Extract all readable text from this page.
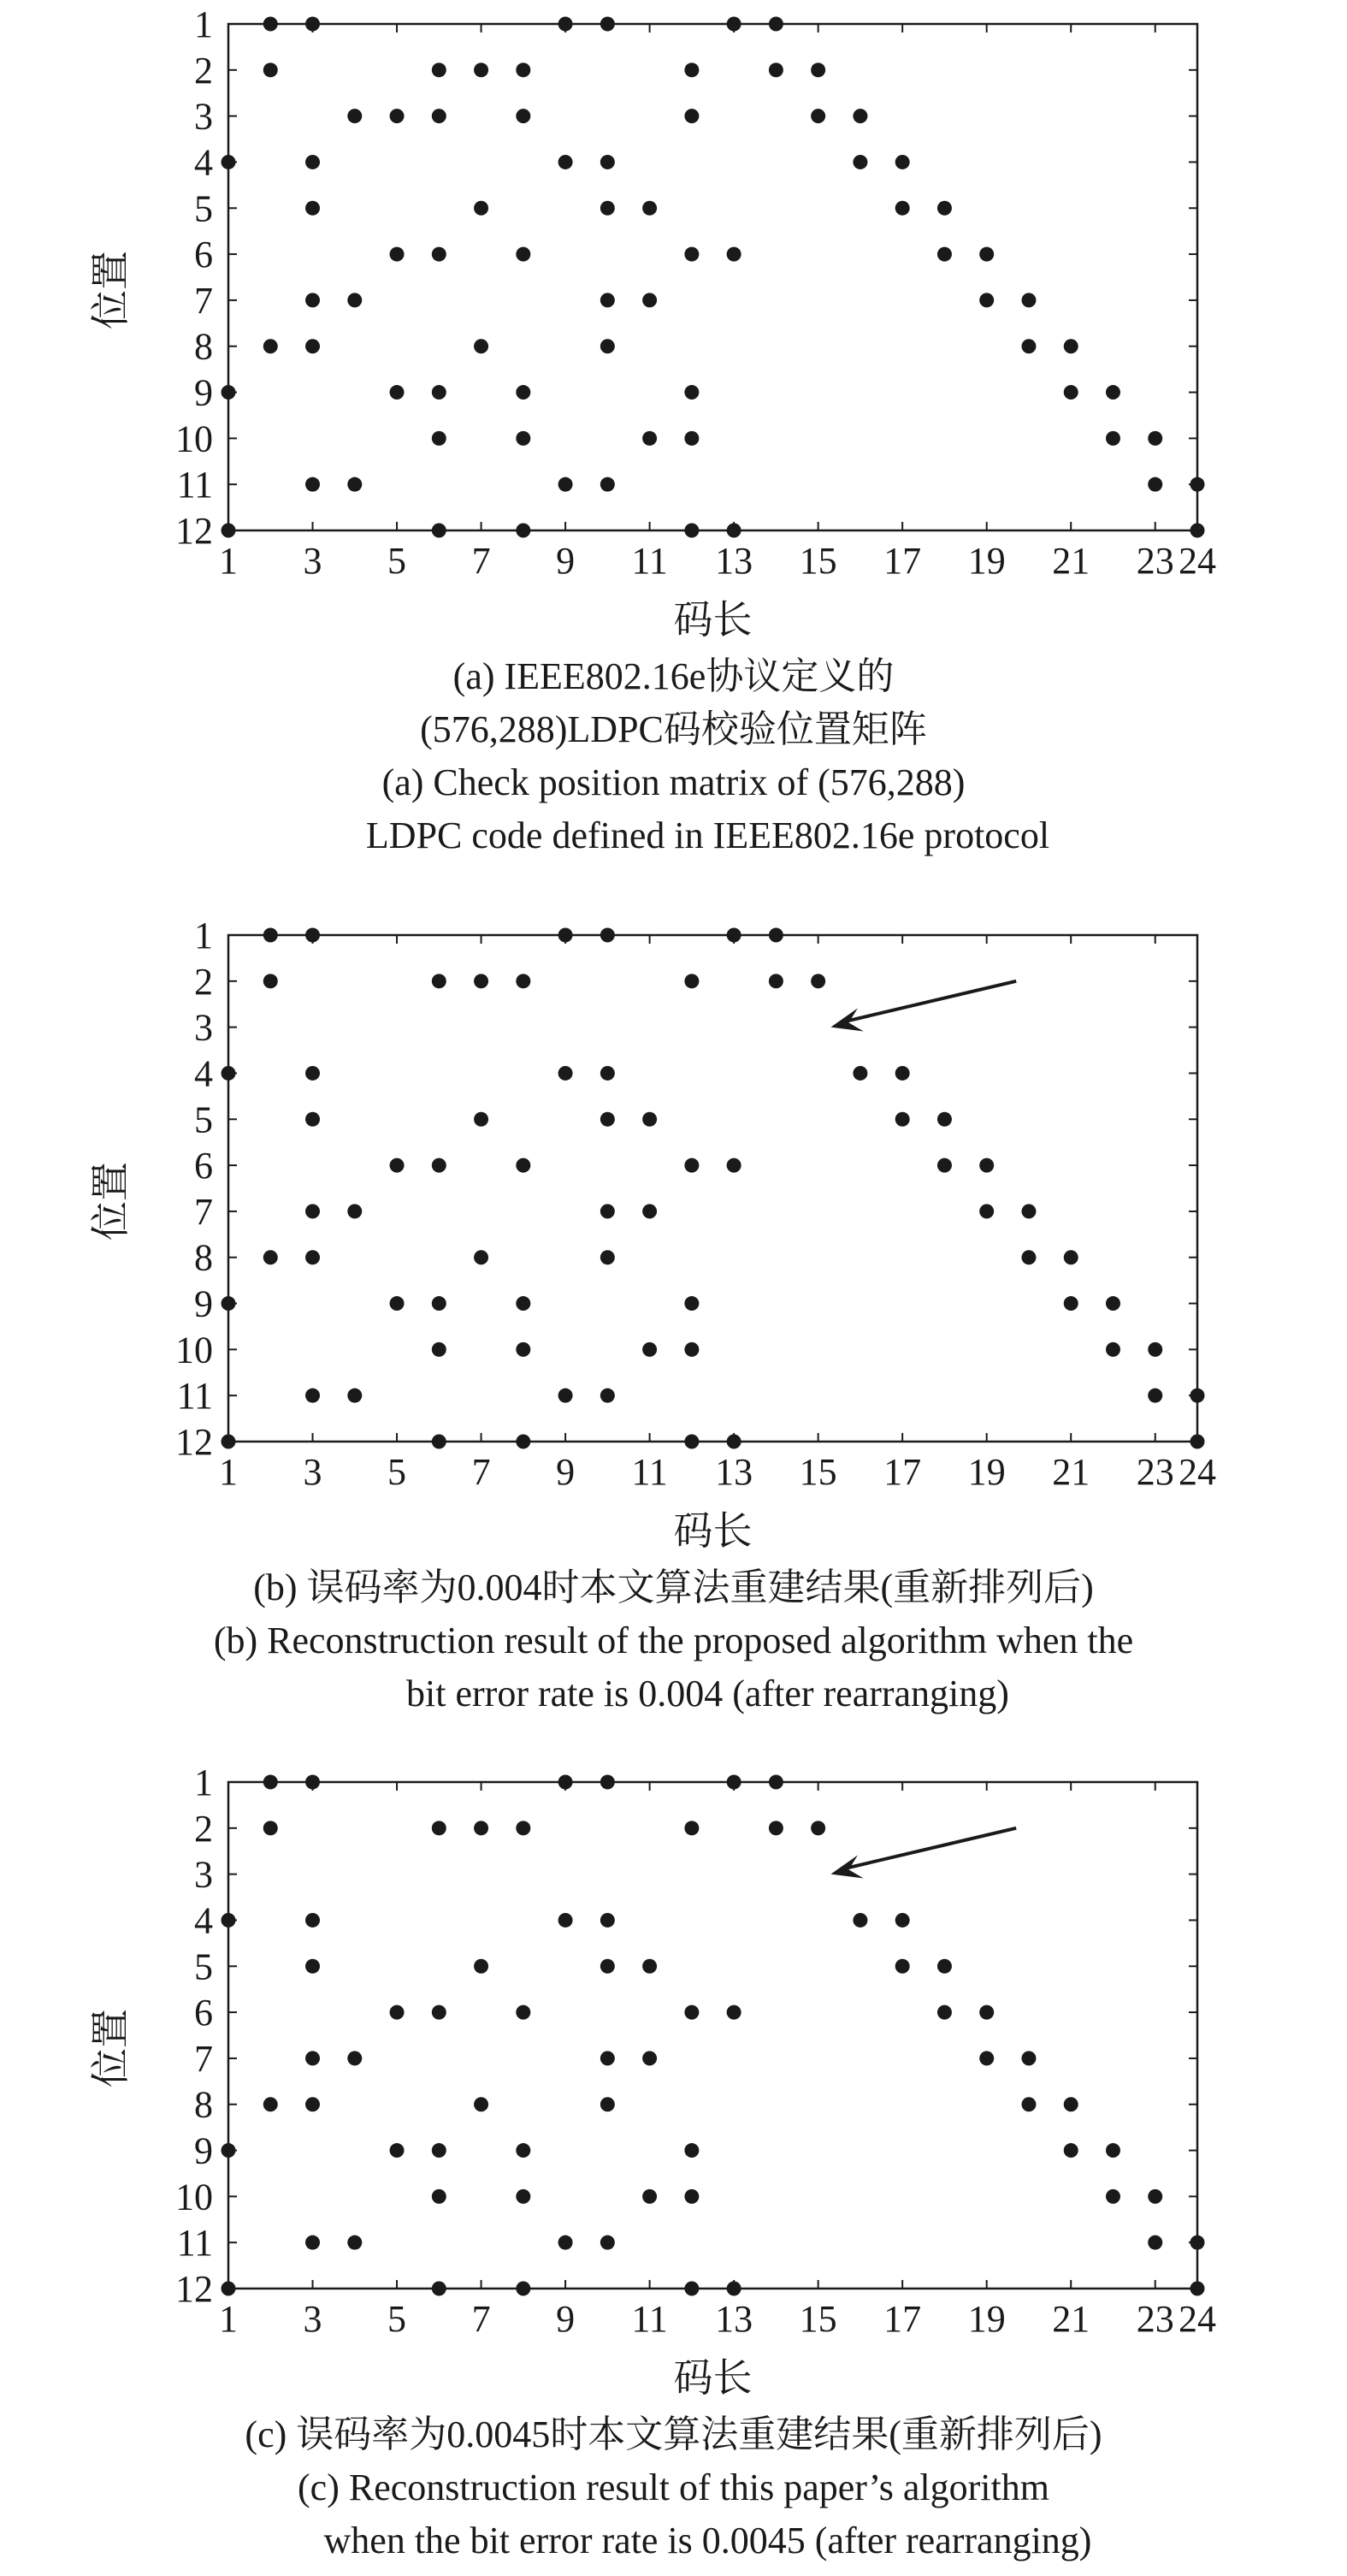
1 3 5 7 9 11 13 15 17 19 21 23 24
1
2
3
4
5
6
7
8
9
10
11
12
码长
位置
(a) IEEE802.16e协议定义的
(576,288)LDPC码校验位置矩阵
(a) Check position matrix of (576,288)
LDPC code defined in IEEE802.16e protocol
1 3 5 7 9 11 13 15 17 19 21 23 24
1
2
3
4
5
6
7
8
9
10
11
12
码长
位置
(b) 误码率为0.004时本文算法重建结果(重新排列后)
(b) Reconstruction result of the proposed algorithm when the
bit error rate is 0.004 (after rearranging)
1 3 5 7 9 11 13 15 17 19 21 23 24
1
2
3
4
5
6
7
8
9
10
11
12
码长
位置
(c) 误码率为0.0045时本文算法重建结果(重新排列后)
(c) Reconstruction result of this paper’s algorithm
when the bit error rate is 0.0045 (after rearranging)
